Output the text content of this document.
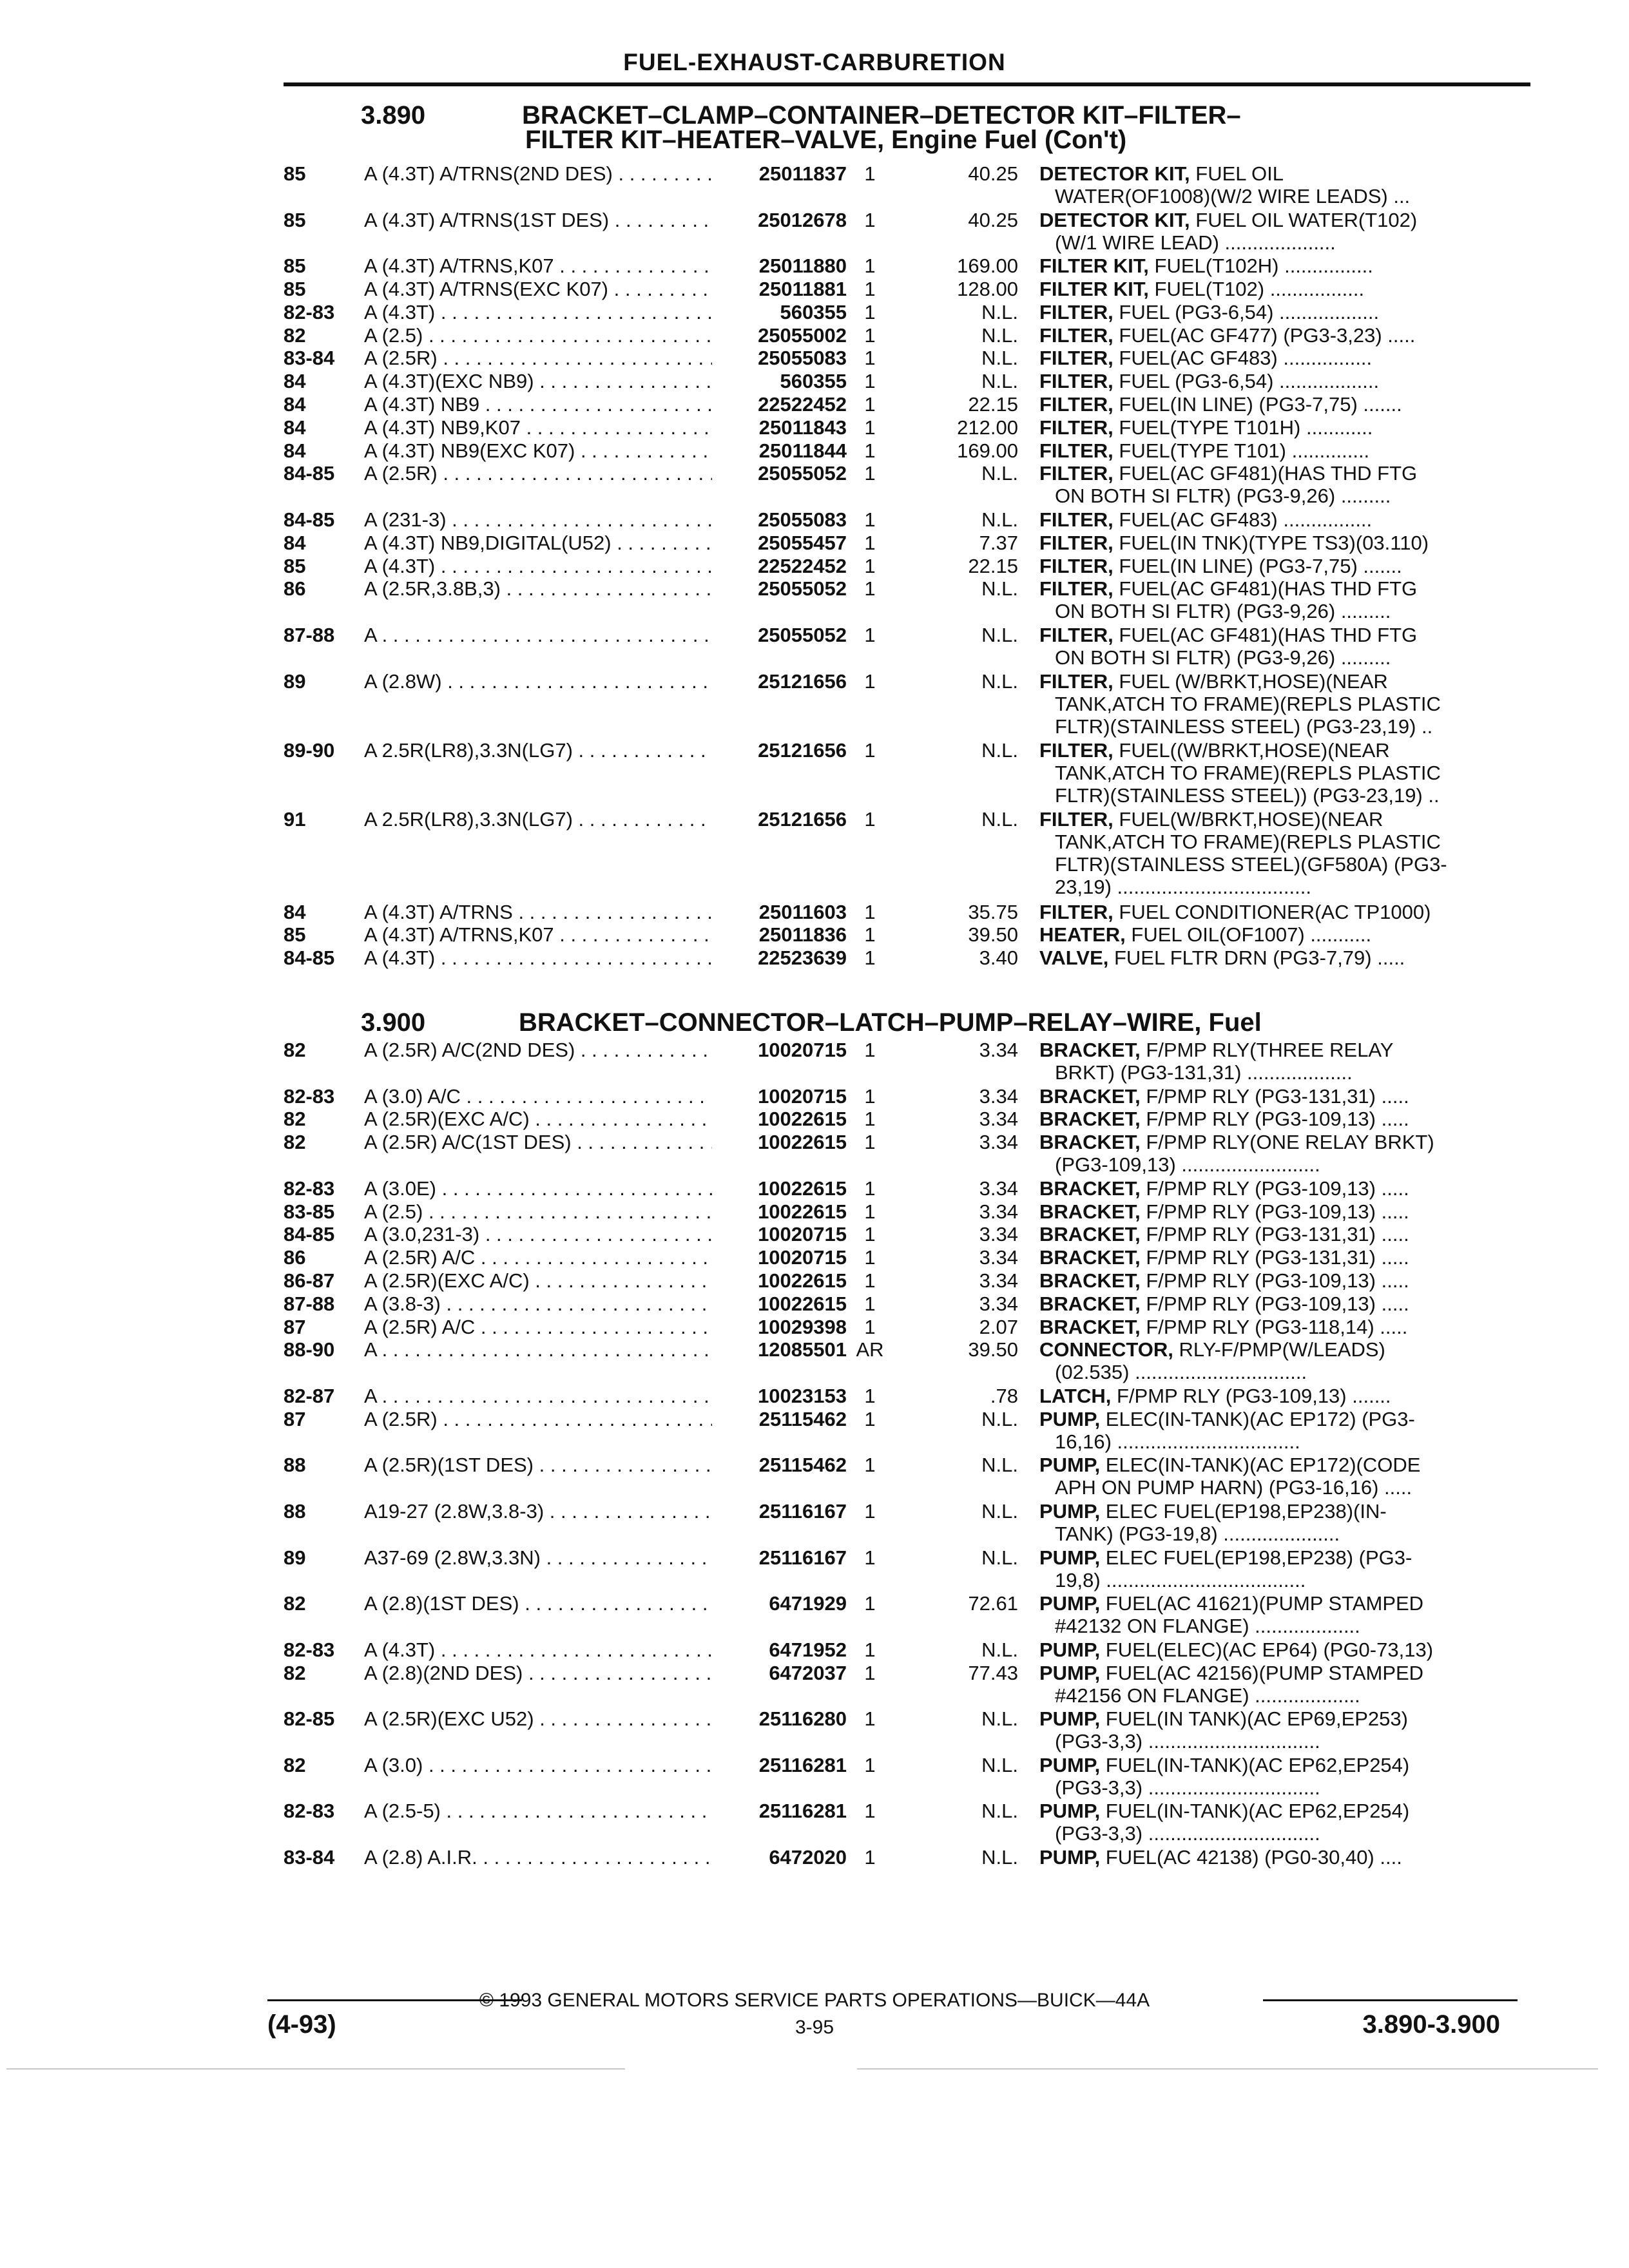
FUEL-EXHAUST-CARBURETION
3.890	BRACKET–CLAMP–CONTAINER–DETECTOR KIT–FILTER–
FILTER KIT–HEATER–VALVE, Engine Fuel (Con't)
85	A (4.3T) A/TRNS(2ND DES) . . .	25011837 1	40.25 DETECTOR KIT, FUEL OIL
WATER(OF1008)(W/2 WIRE LEADS) ...
85	A (4.3T) A/TRNS(1ST DES) . . .	25012678 1	40.25 DETECTOR KIT, FUEL OIL WATER(T102)
(W/1 WIRE LEAD) ....................
85	A (4.3T) A/TRNS,K07 . . .	25011880 1	169.00 FILTER KIT, FUEL(T102H) ................
85	A (4.3T) A/TRNS(EXC K07) . . .	25011881 1	128.00 FILTER KIT, FUEL(T102) .................
82-83 A (4.3T) . . .	560355 1	N.L. FILTER, FUEL (PG3-6,54) ..................
82	A (2.5) . . .	25055002 1	N.L. FILTER, FUEL(AC GF477) (PG3-3,23) .....
83-84 A (2.5R) . . .	25055083 1	N.L. FILTER, FUEL(AC GF483) ................
84	A (4.3T)(EXC NB9) . . .	560355 1	N.L. FILTER, FUEL (PG3-6,54) ..................
84	A (4.3T) NB9 . . .	22522452 1	22.15 FILTER, FUEL(IN LINE) (PG3-7,75) .......
84	A (4.3T) NB9,K07 . . .	25011843 1	212.00 FILTER, FUEL(TYPE T101H) ............
84	A (4.3T) NB9(EXC K07) . . .	25011844 1	169.00 FILTER, FUEL(TYPE T101) ..............
84-85 A (2.5R) . . .	25055052 1	N.L. FILTER, FUEL(AC GF481)(HAS THD FTG
ON BOTH SI FLTR) (PG3-9,26) .........
84-85 A (231-3) . . .	25055083 1	N.L. FILTER, FUEL(AC GF483) ................
84	A (4.3T) NB9,DIGITAL(U52) . . .	25055457 1	7.37 FILTER, FUEL(IN TNK)(TYPE TS3)(03.110)
85	A (4.3T) . . .	22522452 1	22.15 FILTER, FUEL(IN LINE) (PG3-7,75) .......
86	A (2.5R,3.8B,3) . . .	25055052 1	N.L. FILTER, FUEL(AC GF481)(HAS THD FTG
ON BOTH SI FLTR) (PG3-9,26) .........
87-88 A . . .	25055052 1	N.L. FILTER, FUEL(AC GF481)(HAS THD FTG
ON BOTH SI FLTR) (PG3-9,26) .........
89	A (2.8W) . . .	25121656 1	N.L. FILTER, FUEL (W/BRKT,HOSE)(NEAR
TANK,ATCH TO FRAME)(REPLS PLASTIC
FLTR)(STAINLESS STEEL) (PG3-23,19) ..
89-90 A 2.5R(LR8),3.3N(LG7) . . .	25121656 1	N.L. FILTER, FUEL((W/BRKT,HOSE)(NEAR
TANK,ATCH TO FRAME)(REPLS PLASTIC
FLTR)(STAINLESS STEEL)) (PG3-23,19) ..
91	A 2.5R(LR8),3.3N(LG7) . . .	25121656 1	N.L. FILTER, FUEL(W/BRKT,HOSE)(NEAR
TANK,ATCH TO FRAME)(REPLS PLASTIC
FLTR)(STAINLESS STEEL)(GF580A) (PG3-
23,19) ...................................
84	A (4.3T) A/TRNS . . .	25011603 1	35.75 FILTER, FUEL CONDITIONER(AC TP1000)
85	A (4.3T) A/TRNS,K07 . . .	25011836 1	39.50 HEATER, FUEL OIL(OF1007) ...........
84-85 A (4.3T) . . .	22523639 1	3.40 VALVE, FUEL FLTR DRN (PG3-7,79) .....
3.900	BRACKET–CONNECTOR–LATCH–PUMP–RELAY–WIRE, Fuel
82	A (2.5R) A/C(2ND DES) . . .	10020715 1	3.34 BRACKET, F/PMP RLY(THREE RELAY
BRKT) (PG3-131,31) ...................
82-83 A (3.0) A/C . . .	10020715 1	3.34 BRACKET, F/PMP RLY (PG3-131,31) .....
82	A (2.5R)(EXC A/C) . . .	10022615 1	3.34 BRACKET, F/PMP RLY (PG3-109,13) .....
82	A (2.5R) A/C(1ST DES) . . .	10022615 1	3.34 BRACKET, F/PMP RLY(ONE RELAY BRKT)
(PG3-109,13) .........................
82-83 A (3.0E) . . .	10022615 1	3.34 BRACKET, F/PMP RLY (PG3-109,13) .....
83-85 A (2.5) . . .	10022615 1	3.34 BRACKET, F/PMP RLY (PG3-109,13) .....
84-85 A (3.0,231-3) . . .	10020715 1	3.34 BRACKET, F/PMP RLY (PG3-131,31) .....
86	A (2.5R) A/C . . .	10020715 1	3.34 BRACKET, F/PMP RLY (PG3-131,31) .....
86-87 A (2.5R)(EXC A/C) . . .	10022615 1	3.34 BRACKET, F/PMP RLY (PG3-109,13) .....
87-88 A (3.8-3) . . .	10022615 1	3.34 BRACKET, F/PMP RLY (PG3-109,13) .....
87	A (2.5R) A/C . . .	10029398 1	2.07 BRACKET, F/PMP RLY (PG3-118,14) .....
88-90 A . . .	12085501 AR	39.50 CONNECTOR, RLY-F/PMP(W/LEADS)
(02.535) ...............................
82-87 A . . .	10023153 1	.78 LATCH, F/PMP RLY (PG3-109,13) .......
87	A (2.5R) . . .	25115462 1	N.L. PUMP, ELEC(IN-TANK)(AC EP172) (PG3-
16,16) .................................
88	A (2.5R)(1ST DES) . . .	25115462 1	N.L. PUMP, ELEC(IN-TANK)(AC EP172)(CODE
APH ON PUMP HARN) (PG3-16,16) .....
88	A19-27 (2.8W,3.8-3) . . .	25116167 1	N.L. PUMP, ELEC FUEL(EP198,EP238)(IN-
TANK) (PG3-19,8) .....................
89	A37-69 (2.8W,3.3N) . . .	25116167 1	N.L. PUMP, ELEC FUEL(EP198,EP238) (PG3-
19,8) ....................................
82	A (2.8)(1ST DES) . . .	6471929 1	72.61 PUMP, FUEL(AC 41621)(PUMP STAMPED
#42132 ON FLANGE) ...................
82-83 A (4.3T) . . .	6471952 1	N.L. PUMP, FUEL(ELEC)(AC EP64) (PG0-73,13)
82	A (2.8)(2ND DES) . . .	6472037 1	77.43 PUMP, FUEL(AC 42156)(PUMP STAMPED
#42156 ON FLANGE) ...................
82-85 A (2.5R)(EXC U52) . . .	25116280 1	N.L. PUMP, FUEL(IN TANK)(AC EP69,EP253)
(PG3-3,3) ...............................
82	A (3.0) . . .	25116281 1	N.L. PUMP, FUEL(IN-TANK)(AC EP62,EP254)
(PG3-3,3) ...............................
82-83 A (2.5-5) . . .	25116281 1	N.L. PUMP, FUEL(IN-TANK)(AC EP62,EP254)
(PG3-3,3) ...............................
83-84 A (2.8) A.I.R. . . .	6472020 1	N.L. PUMP, FUEL(AC 42138) (PG0-30,40) ....
© 1993 GENERAL MOTORS SERVICE PARTS OPERATIONS—BUICK—44A
(4-93)	3-95	3.890-3.900
